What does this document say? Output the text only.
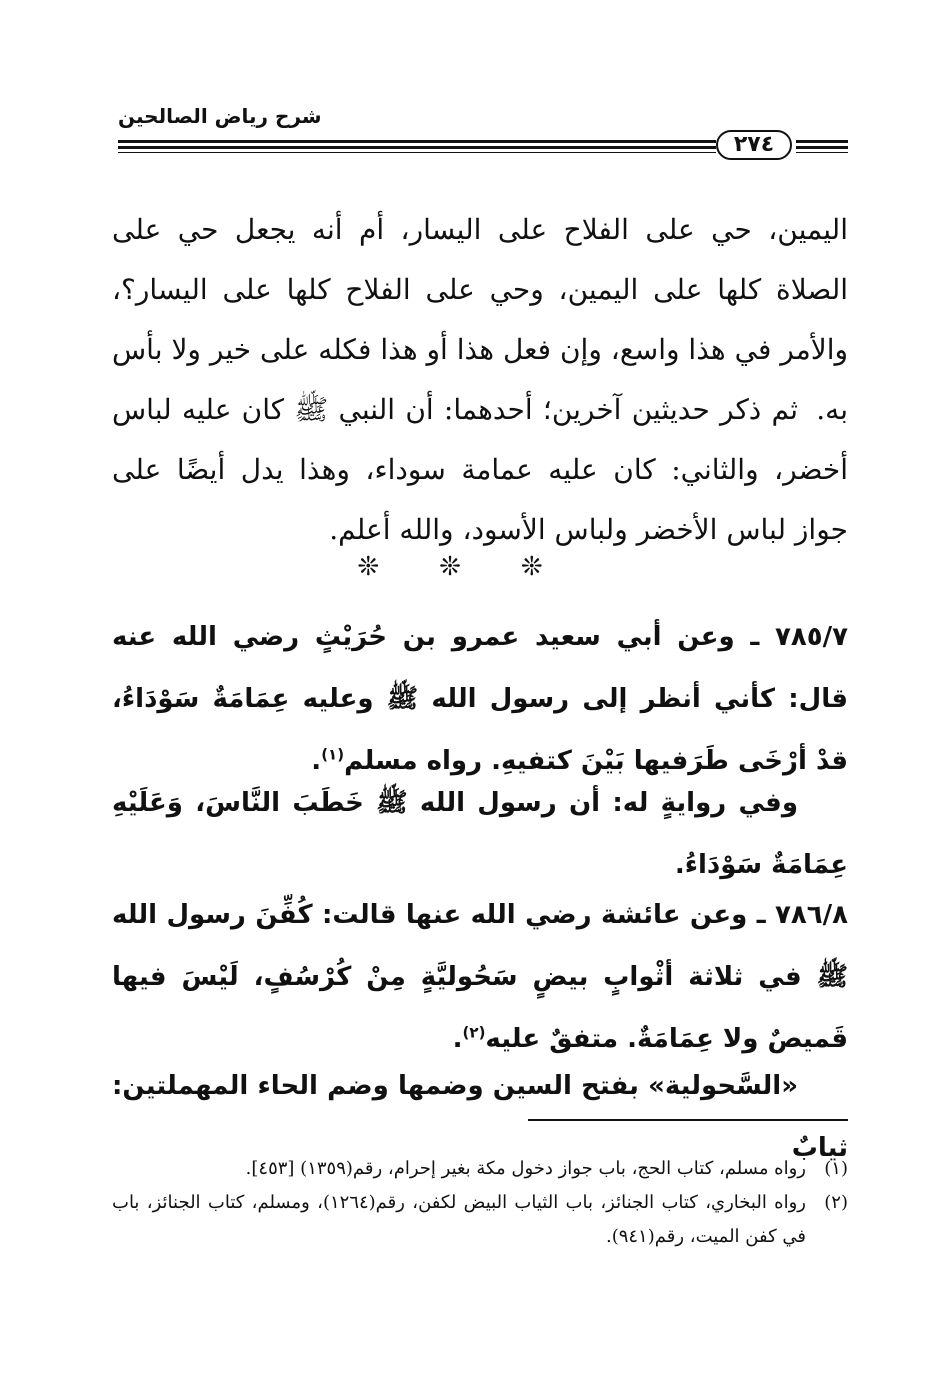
شرح رياض الصالحين
٢٧٤

اليمين، حي على الفلاح على اليسار، أم أنه يجعل حي على الصلاة كلها على اليمين، وحي على الفلاح كلها على اليسار؟، والأمر في هذا واسع، وإن فعل هذا أو هذا فكله على خير ولا بأس به.

ثم ذكر حديثين آخرين؛ أحدهما: أن النبي ﷺ كان عليه لباس أخضر، والثاني: كان عليه عمامة سوداء، وهذا يدل أيضًا على جواز لباس الأخضر ولباس الأسود، والله أعلم.

❊❊❊

٧٨٥/٧ ـ وعن أبي سعيد عمرو بن حُرَيْثٍ رضي الله عنه قال: كأني أنظر إلى رسول الله ﷺ وعليه عِمَامَةٌ سَوْدَاءُ، قدْ أرْخَى طَرَفيها بَيْنَ كتفيهِ. رواه مسلم$^{(١)}$.

وفي روايةٍ له: أن رسول الله ﷺ خَطَبَ النَّاسَ، وَعَلَيْهِ عِمَامَةٌ سَوْدَاءُ.

٧٨٦/٨ ـ وعن عائشة رضي الله عنها قالت: كُفِّنَ رسول الله ﷺ في ثلاثة أثْوابٍ بيضٍ سَحُوليَّةٍ مِنْ كُرْسُفٍ، لَيْسَ فيها قَميصٌ ولا عِمَامَةٌ. متفقٌ عليه$^{(٢)}$.

«السَّحولية» بفتح السين وضمها وضم الحاء المهملتين: ثيابٌ

(١)
رواه مسلم، كتاب الحج، باب جواز دخول مكة بغير إحرام، رقم(١٣٥٩) [٤٥٣].
(٢)
رواه البخاري، كتاب الجنائز، باب الثياب البيض لكفن، رقم(١٢٦٤)، ومسلم، كتاب الجنائز، باب في كفن الميت، رقم(٩٤١).
